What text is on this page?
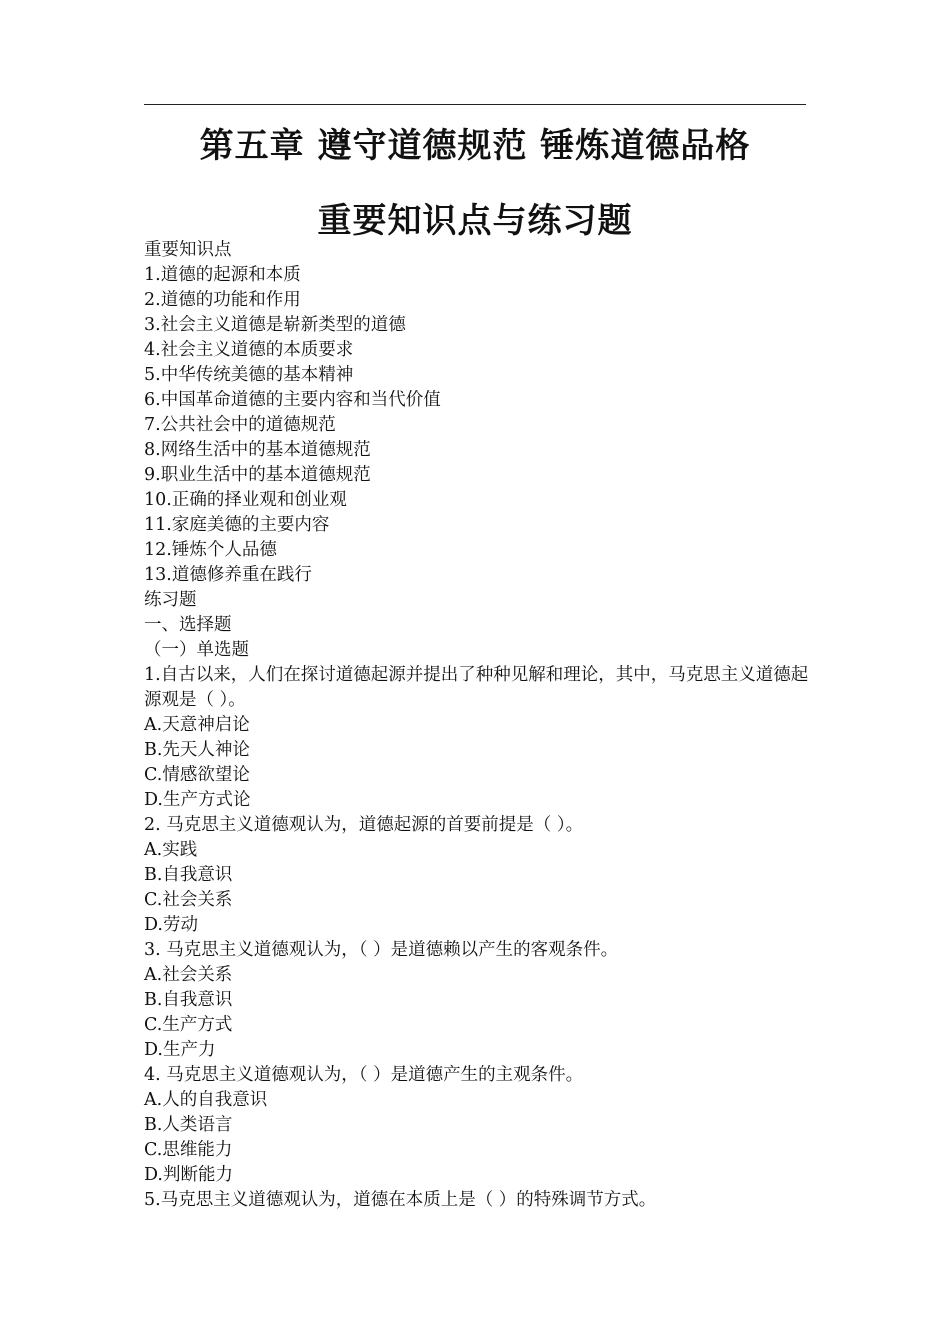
第五章 遵守道德规范 锤炼道德品格
重要知识点与练习题
重要知识点
1.道德的起源和本质
2.道德的功能和作用
3.社会主义道德是崭新类型的道德
4.社会主义道德的本质要求
5.中华传统美德的基本精神
6.中国革命道德的主要内容和当代价值
7.公共社会中的道德规范
8.网络生活中的基本道德规范
9.职业生活中的基本道德规范
10.正确的择业观和创业观
11.家庭美德的主要内容
12.锤炼个人品德
13.道德修养重在践行
练习题
一、选择题
（一）单选题
1.自古以来，人们在探讨道德起源并提出了种种见解和理论，其中，马克思主义道德起源观是（ ）。
A.天意神启论
B.先天人神论
C.情感欲望论
D.生产方式论
2. 马克思主义道德观认为，道德起源的首要前提是（ ）。
A.实践
B.自我意识
C.社会关系
D.劳动
3. 马克思主义道德观认为，（ ）是道德赖以产生的客观条件。
A.社会关系
B.自我意识
C.生产方式
D.生产力
4. 马克思主义道德观认为，（ ）是道德产生的主观条件。
A.人的自我意识
B.人类语言
C.思维能力
D.判断能力
5.马克思主义道德观认为，道德在本质上是（ ）的特殊调节方式。
